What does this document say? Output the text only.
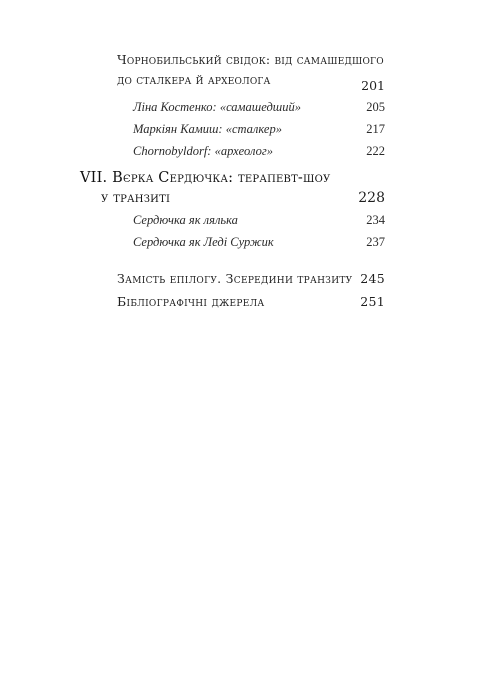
Чорнобильський свідок: від самашедшого
до сталкера й археолога	201
Ліна Костенко: «самашедший»	205
Маркіян Камиш: «сталкер»	217
Chornobyldorf: «археолог»	222
VII. Вєрка Сердючка: терапевт-шоу
у транзиті	228
Сердючка як лялька	234
Сердючка як Леді Суржик	237
Замість епілогу. Зсередини транзиту 245
Бібліографічні джерела	251
